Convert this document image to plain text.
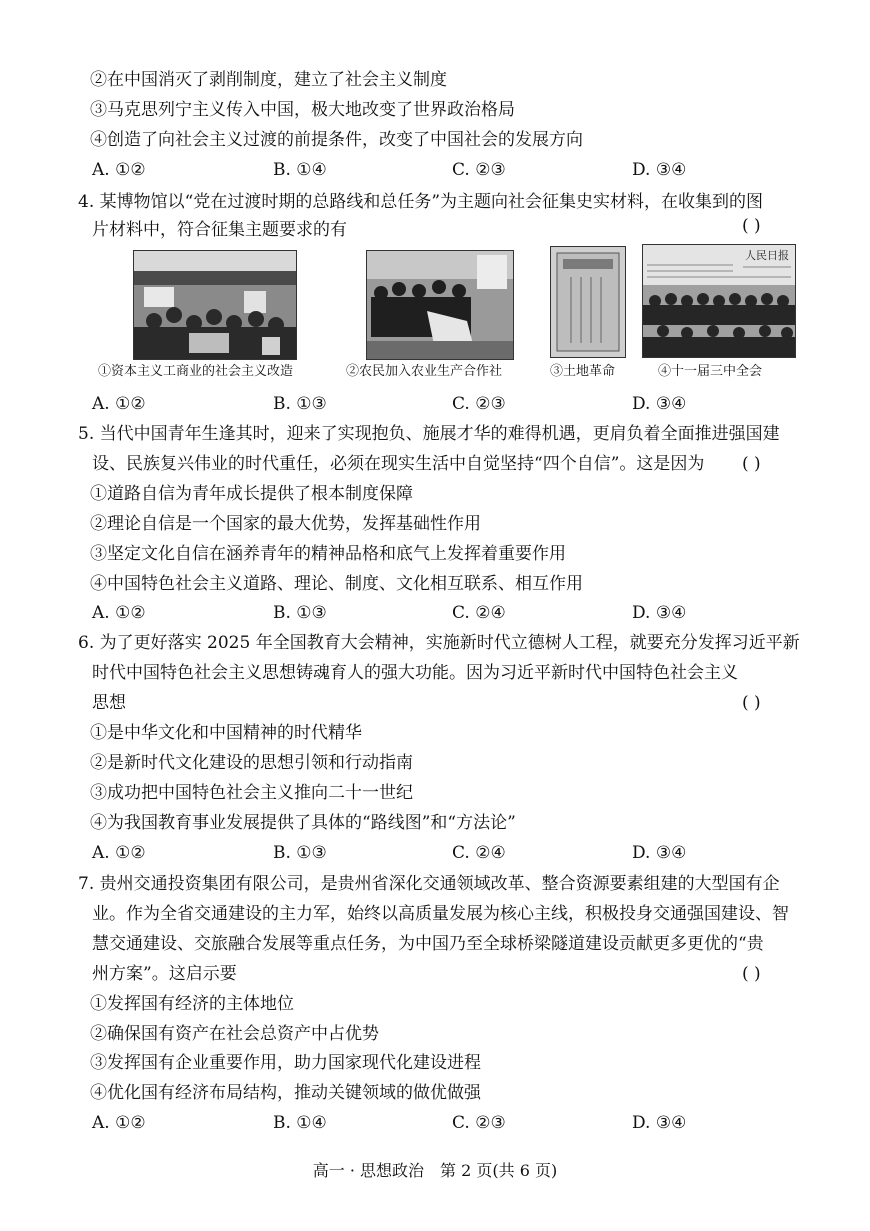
②在中国消灭了剥削制度，建立了社会主义制度
③马克思列宁主义传入中国，极大地改变了世界政治格局
④创造了向社会主义过渡的前提条件，改变了中国社会的发展方向
A. ①②	B. ①④	C. ②③	D. ③④
4. 某博物馆以“党在过渡时期的总路线和总任务”为主题向社会征集史实材料，在收集到的图
片材料中，符合征集主题要求的有	( )
人民日报
①资本主义工商业的社会主义改造	②农民加入农业生产合作社	③土地革命	④十一届三中全会
A. ①②	B. ①③	C. ②③	D. ③④
5. 当代中国青年生逢其时，迎来了实现抱负、施展才华的难得机遇，更肩负着全面推进强国建
设、民族复兴伟业的时代重任，必须在现实生活中自觉坚持“四个自信”。这是因为 ( )
①道路自信为青年成长提供了根本制度保障
②理论自信是一个国家的最大优势，发挥基础性作用
③坚定文化自信在涵养青年的精神品格和底气上发挥着重要作用
④中国特色社会主义道路、理论、制度、文化相互联系、相互作用
A. ①②	B. ①③	C. ②④	D. ③④
6. 为了更好落实 2025 年全国教育大会精神，实施新时代立德树人工程，就要充分发挥习近平新
时代中国特色社会主义思想铸魂育人的强大功能。因为习近平新时代中国特色社会主义
思想	( )
①是中华文化和中国精神的时代精华
②是新时代文化建设的思想引领和行动指南
③成功把中国特色社会主义推向二十一世纪
④为我国教育事业发展提供了具体的“路线图”和“方法论”
A. ①②	B. ①③	C. ②④	D. ③④
7. 贵州交通投资集团有限公司，是贵州省深化交通领域改革、整合资源要素组建的大型国有企
业。作为全省交通建设的主力军，始终以高质量发展为核心主线，积极投身交通强国建设、智
慧交通建设、交旅融合发展等重点任务，为中国乃至全球桥梁隧道建设贡献更多更优的“贵
州方案”。这启示要	( )
①发挥国有经济的主体地位
②确保国有资产在社会总资产中占优势
③发挥国有企业重要作用，助力国家现代化建设进程
④优化国有经济布局结构，推动关键领域的做优做强
A. ①②	B. ①④	C. ②③	D. ③④
高一 · 思想政治　第 2 页(共 6 页)
